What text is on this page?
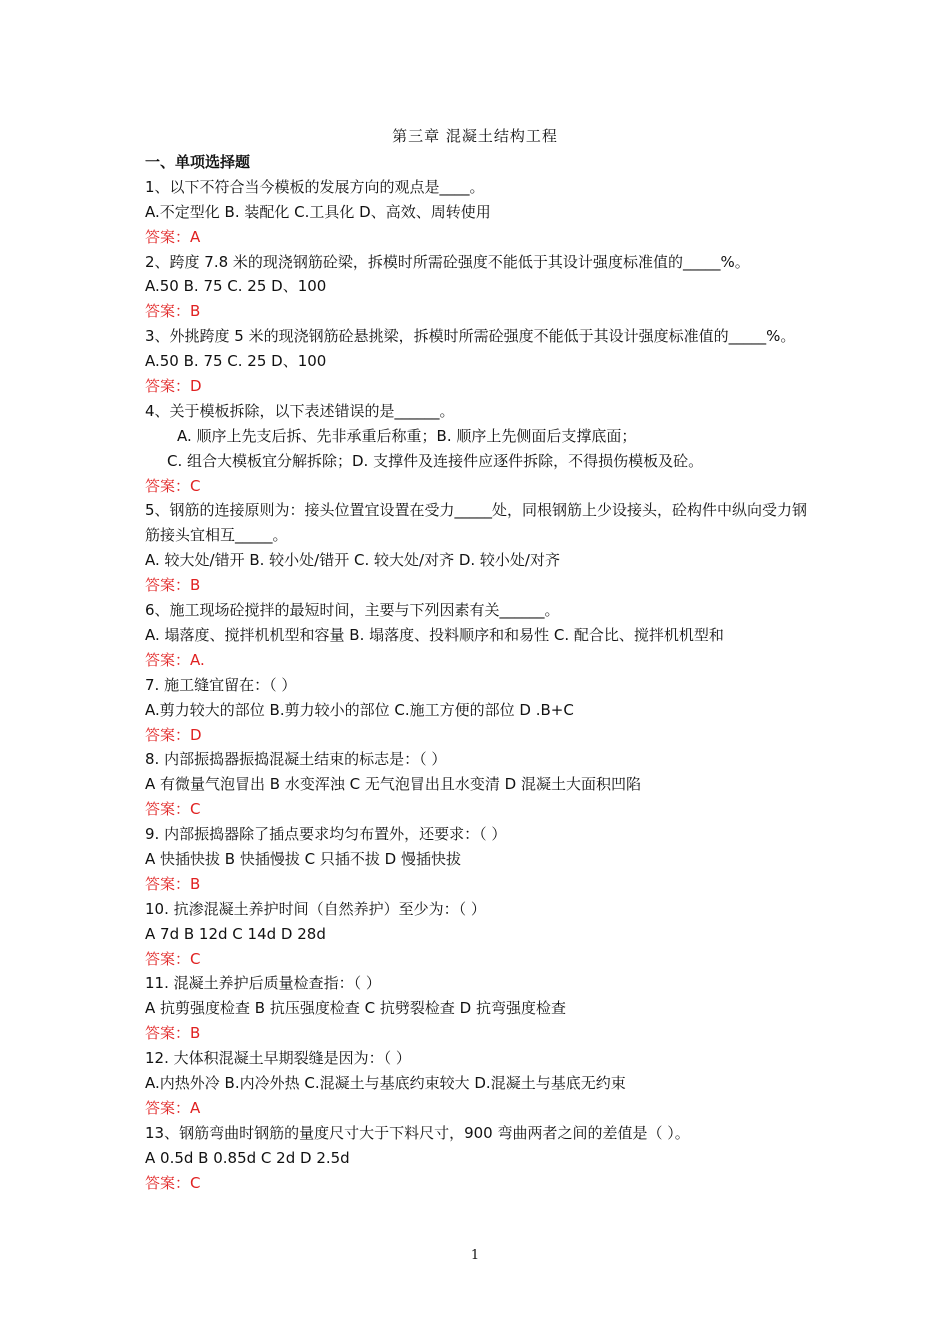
第三章 混凝土结构工程
一、单项选择题
1、以下不符合当今模板的发展方向的观点是____。
A.不定型化 B. 装配化 C.工具化 D、高效、周转使用
答案：A
2、跨度 7.8 米的现浇钢筋砼梁，拆模时所需砼强度不能低于其设计强度标准值的_____%。
A.50 B. 75 C. 25 D、100
答案：B
3、外挑跨度 5 米的现浇钢筋砼悬挑梁，拆模时所需砼强度不能低于其设计强度标准值的_____%。
A.50 B. 75 C. 25 D、100
答案：D
4、关于模板拆除，以下表述错误的是______。
A. 顺序上先支后拆、先非承重后称重；B. 顺序上先侧面后支撑底面；
C. 组合大模板宜分解拆除；D. 支撑件及连接件应逐件拆除，不得损伤模板及砼。
答案：C
5、钢筋的连接原则为：接头位置宜设置在受力_____处，同根钢筋上少设接头，砼构件中纵向受力钢筋接头宜相互_____。
A. 较大处/错开 B. 较小处/错开 C. 较大处/对齐 D. 较小处/对齐
答案：B
6、施工现场砼搅拌的最短时间，主要与下列因素有关______。
A. 塌落度、搅拌机机型和容量 B. 塌落度、投料顺序和和易性 C. 配合比、搅拌机机型和
答案：A.
7. 施工缝宜留在：（ ）
A.剪力较大的部位 B.剪力较小的部位 C.施工方便的部位 D .B+C
答案：D
8. 内部振捣器振捣混凝土结束的标志是：（ ）
A 有微量气泡冒出 B 水变浑浊 C 无气泡冒出且水变清 D 混凝土大面积凹陷
答案：C
9. 内部振捣器除了插点要求均匀布置外，还要求：（ ）
A 快插快拔 B 快插慢拔 C 只插不拔 D 慢插快拔
答案：B
10. 抗渗混凝土养护时间（自然养护）至少为：（ ）
A 7d B 12d C 14d D 28d
答案：C
11. 混凝土养护后质量检查指：（ ）
A 抗剪强度检查 B 抗压强度检查 C 抗劈裂检查 D 抗弯强度检查
答案：B
12. 大体积混凝土早期裂缝是因为：（ ）
A.内热外冷 B.内冷外热 C.混凝土与基底约束较大 D.混凝土与基底无约束
答案：A
13、钢筋弯曲时钢筋的量度尺寸大于下料尺寸，900 弯曲两者之间的差值是（ ）。
A 0.5d B 0.85d C 2d D 2.5d
答案：C
1
